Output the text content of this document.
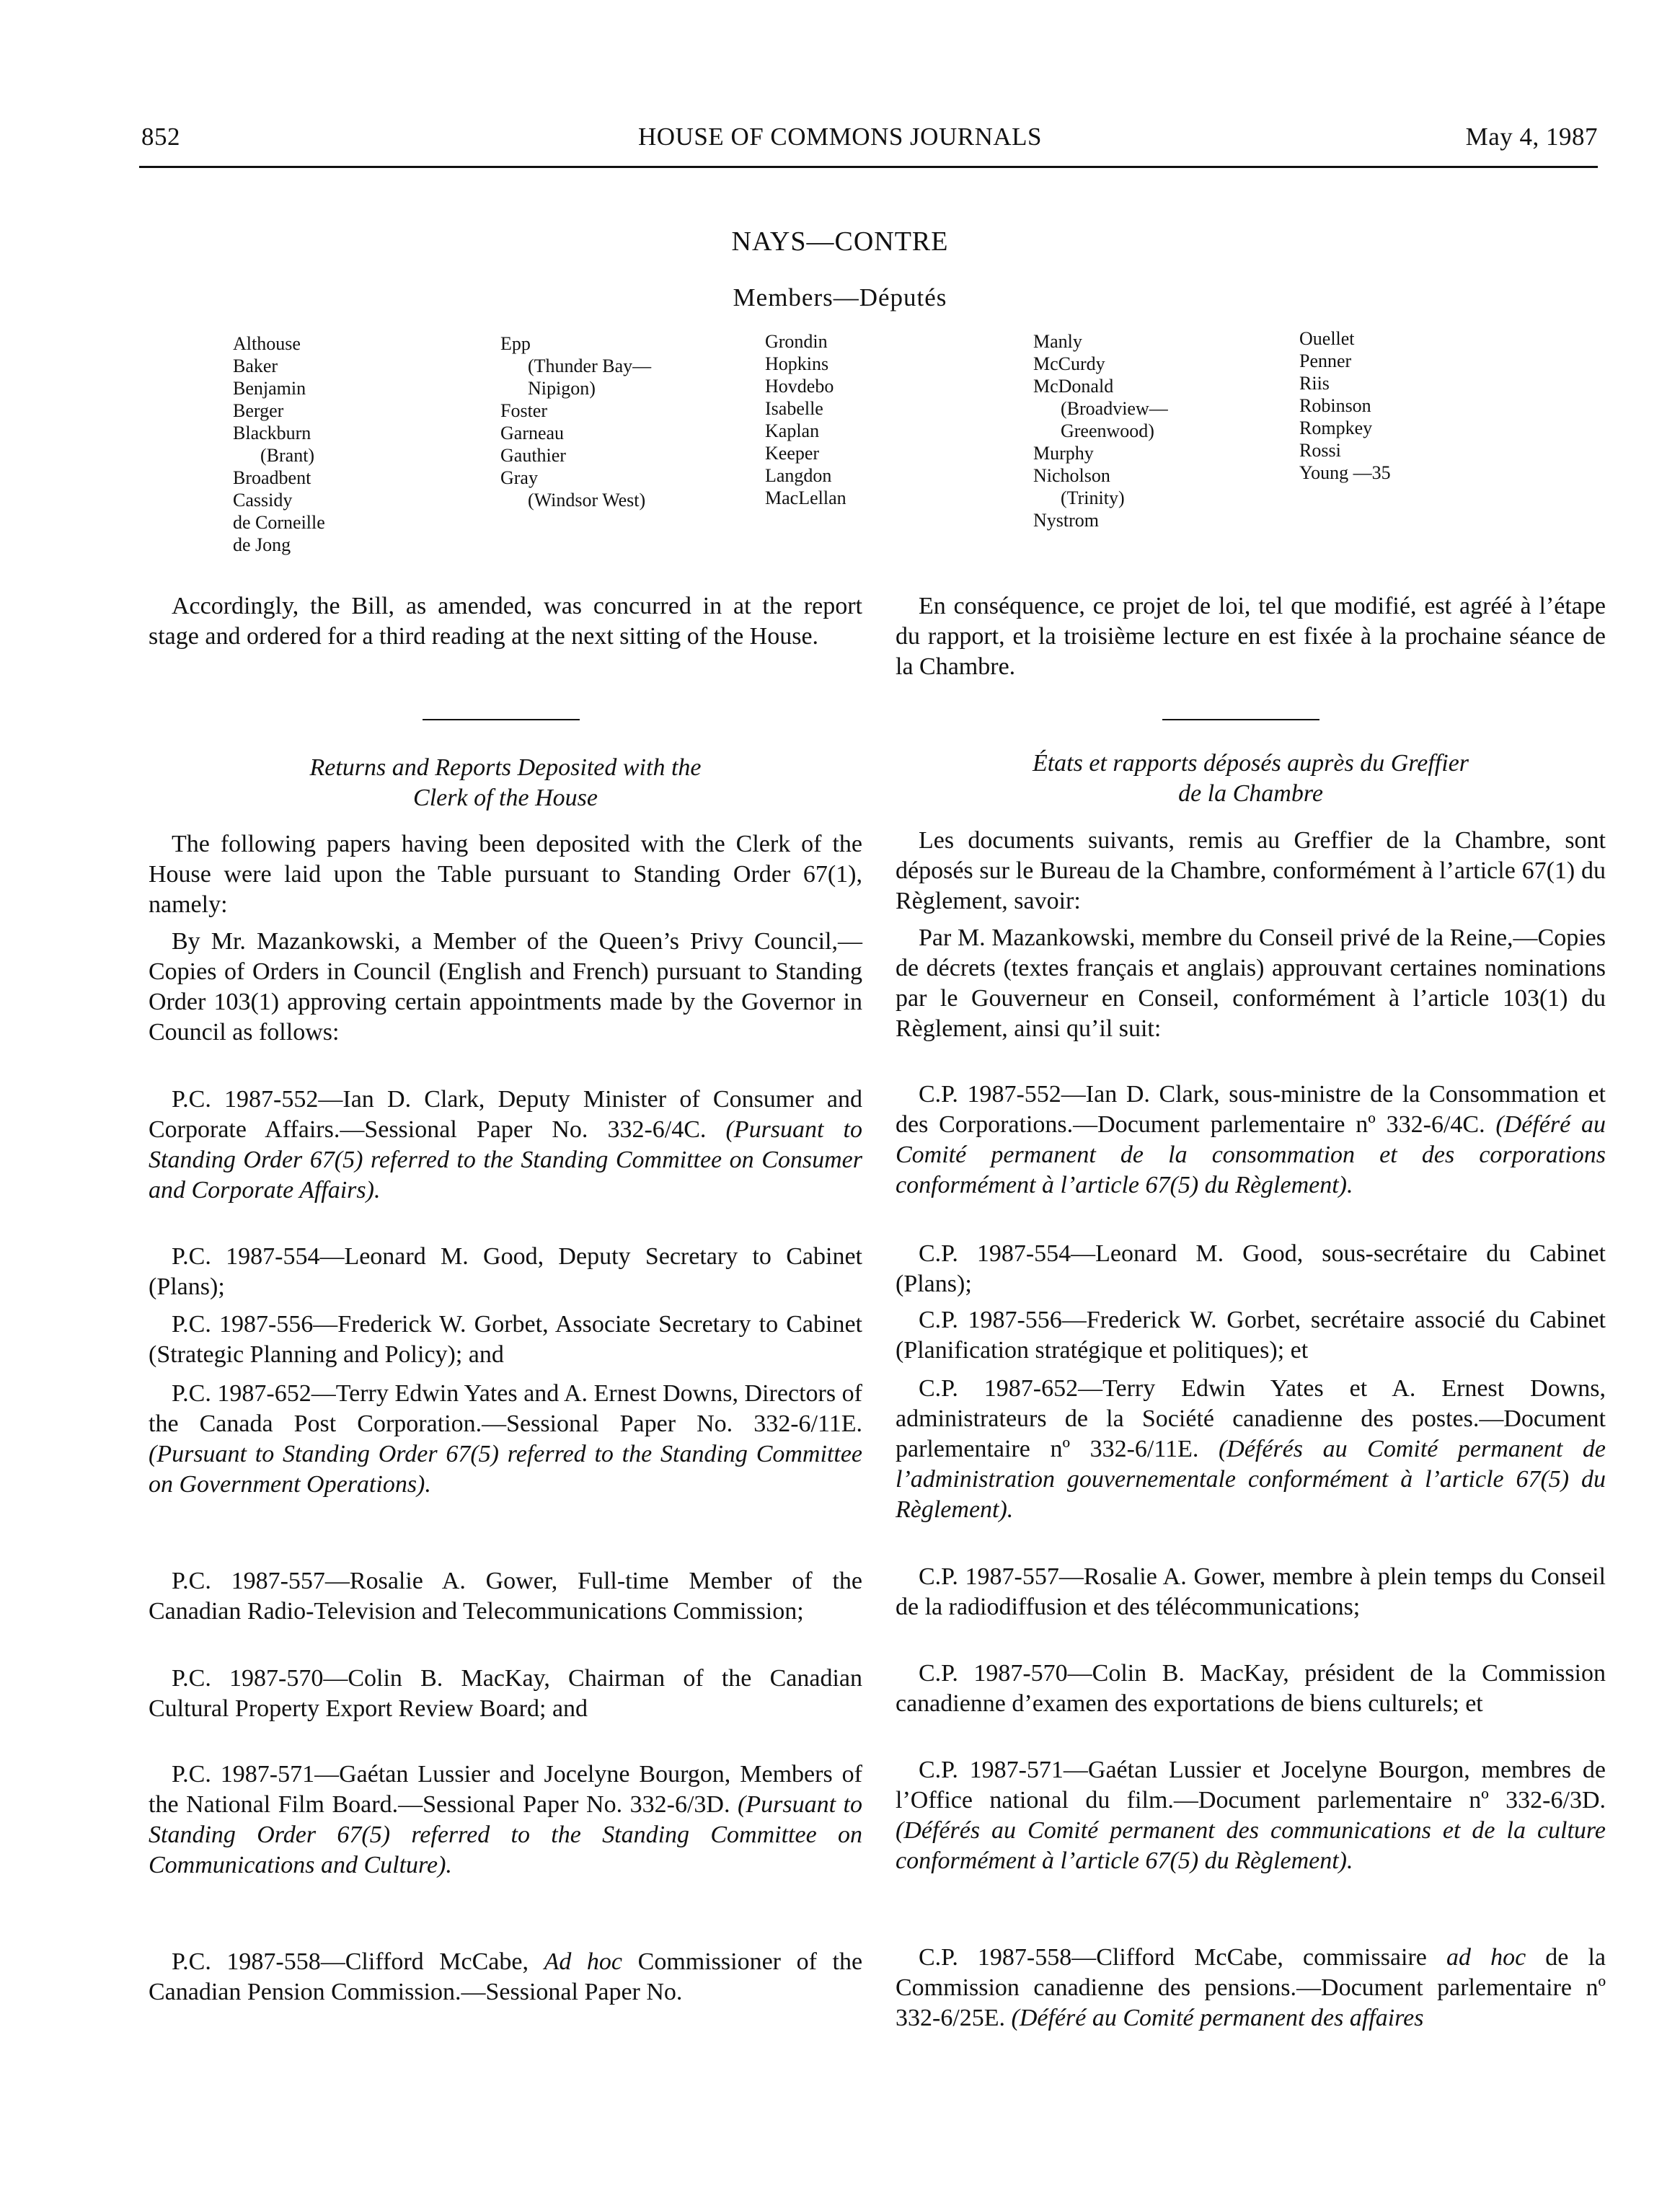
852	HOUSE OF COMMONS JOURNALS	May 4, 1987
NAYS—CONTRE
Members—Députés
Althouse
Baker
Benjamin
Berger
Blackburn
(Brant)
Broadbent
Cassidy
de Corneille
de Jong
Epp
(Thunder Bay—
Nipigon)
Foster
Garneau
Gauthier
Gray
(Windsor West)
Grondin
Hopkins
Hovdebo
Isabelle
Kaplan
Keeper
Langdon
MacLellan
Manly
McCurdy
McDonald
(Broadview—
Greenwood)
Murphy
Nicholson
(Trinity)
Nystrom
Ouellet
Penner
Riis
Robinson
Rompkey
Rossi
Young —35

Accordingly, the Bill, as amended, was concurred in at the report stage and ordered for a third reading at the next sitting of the House.

Returns and Reports Deposited with the

Clerk of the House

The following papers having been deposited with the Clerk of the House were laid upon the Table pursuant to Standing Order 67(1), namely:

By Mr. Mazankowski, a Member of the Queen’s Privy Council,—Copies of Orders in Council (English and French) pursuant to Standing Order 103(1) approving certain appointments made by the Governor in Council as follows:

P.C. 1987-552—Ian D. Clark, Deputy Minister of Consumer and Corporate Affairs.—Sessional Paper No. 332-6/4C. (Pursuant to Standing Order 67(5) referred to the Standing Committee on Consumer and Corporate Affairs).

P.C. 1987-554—Leonard M. Good, Deputy Secretary to Cabinet (Plans);

P.C. 1987-556—Frederick W. Gorbet, Associate Secretary to Cabinet (Strategic Planning and Policy); and

P.C. 1987-652—Terry Edwin Yates and A. Ernest Downs, Directors of the Canada Post Corporation.—Sessional Paper No. 332-6/11E. (Pursuant to Standing Order 67(5) referred to the Standing Committee on Government Operations).

P.C. 1987-557—Rosalie A. Gower, Full-time Member of the Canadian Radio-Television and Telecommunications Commission;

P.C. 1987-570—Colin B. MacKay, Chairman of the Canadian Cultural Property Export Review Board; and

P.C. 1987-571—Gaétan Lussier and Jocelyne Bourgon, Members of the National Film Board.—Sessional Paper No. 332-6/3D. (Pursuant to Standing Order 67(5) referred to the Standing Committee on Communications and Culture).

P.C. 1987-558—Clifford McCabe, Ad hoc Commissioner of the Canadian Pension Commission.—Sessional Paper No.

En conséquence, ce projet de loi, tel que modifié, est agréé à l’étape du rapport, et la troisième lecture en est fixée à la prochaine séance de la Chambre.

États et rapports déposés auprès du Greffier

de la Chambre

Les documents suivants, remis au Greffier de la Chambre, sont déposés sur le Bureau de la Chambre, conformément à l’article 67(1) du Règlement, savoir:

Par M. Mazankowski, membre du Conseil privé de la Reine,—Copies de décrets (textes français et anglais) approuvant certaines nominations par le Gouverneur en Conseil, conformément à l’article 103(1) du Règlement, ainsi qu’il suit:

C.P. 1987-552—Ian D. Clark, sous-ministre de la Consommation et des Corporations.—Document parlementaire nº 332-6/4C. (Déféré au Comité permanent de la consommation et des corporations conformément à l’article 67(5) du Règlement).

C.P. 1987-554—Leonard M. Good, sous-secrétaire du Cabinet (Plans);

C.P. 1987-556—Frederick W. Gorbet, secrétaire associé du Cabinet (Planification stratégique et politiques); et

C.P. 1987-652—Terry Edwin Yates et A. Ernest Downs, administrateurs de la Société canadienne des postes.—Document parlementaire nº 332-6/11E. (Déférés au Comité permanent de l’administration gouvernementale conformément à l’article 67(5) du Règlement).

C.P. 1987-557—Rosalie A. Gower, membre à plein temps du Conseil de la radiodiffusion et des télécommunications;

C.P. 1987-570—Colin B. MacKay, président de la Commission canadienne d’examen des exportations de biens culturels; et

C.P. 1987-571—Gaétan Lussier et Jocelyne Bourgon, membres de l’Office national du film.—Document parlementaire nº 332-6/3D. (Déférés au Comité permanent des communications et de la culture conformément à l’article 67(5) du Règlement).

C.P. 1987-558—Clifford McCabe, commissaire ad hoc de la Commission canadienne des pensions.—Document parlementaire nº 332-6/25E. (Déféré au Comité permanent des affaires
